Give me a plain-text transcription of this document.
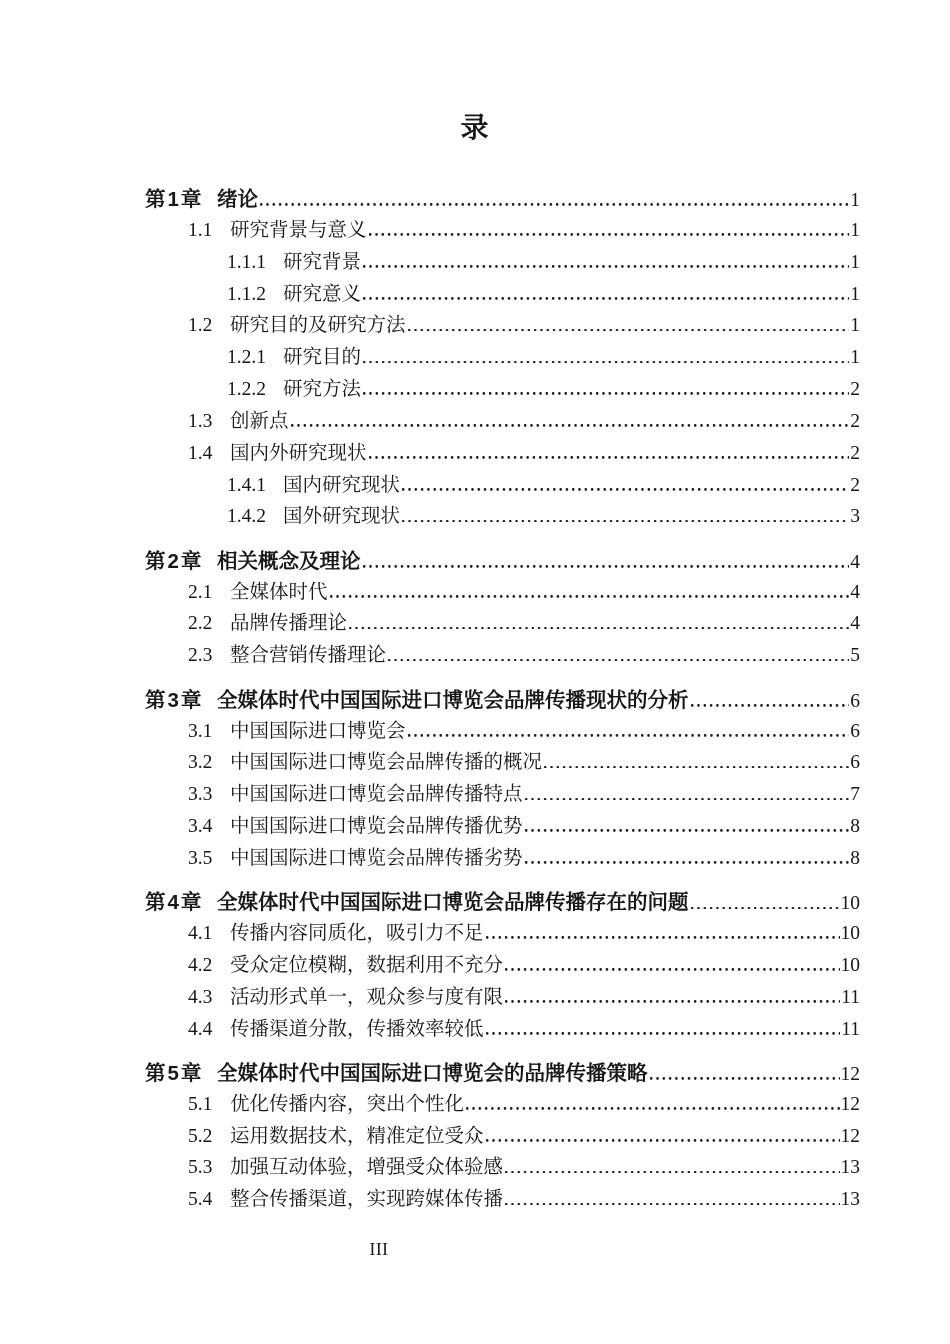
录
第1章 绪论	1
1.1 研究背景与意义	1
1.1.1 研究背景	1
1.1.2 研究意义	1
1.2 研究目的及研究方法	1
1.2.1 研究目的	1
1.2.2 研究方法	2
1.3 创新点	2
1.4 国内外研究现状	2
1.4.1 国内研究现状	2
1.4.2 国外研究现状	3
第2章 相关概念及理论	4
2.1 全媒体时代	4
2.2 品牌传播理论	4
2.3 整合营销传播理论	5
第3章 全媒体时代中国国际进口博览会品牌传播现状的分析	6
3.1 中国国际进口博览会	6
3.2 中国国际进口博览会品牌传播的概况	6
3.3 中国国际进口博览会品牌传播特点	7
3.4 中国国际进口博览会品牌传播优势	8
3.5 中国国际进口博览会品牌传播劣势	8
第4章 全媒体时代中国国际进口博览会品牌传播存在的问题	10
4.1 传播内容同质化，吸引力不足	10
4.2 受众定位模糊，数据利用不充分	10
4.3 活动形式单一，观众参与度有限	11
4.4 传播渠道分散，传播效率较低	11
第5章 全媒体时代中国国际进口博览会的品牌传播策略	12
5.1 优化传播内容，突出个性化	12
5.2 运用数据技术，精准定位受众	12
5.3 加强互动体验，增强受众体验感	13
5.4 整合传播渠道，实现跨媒体传播	13
III
